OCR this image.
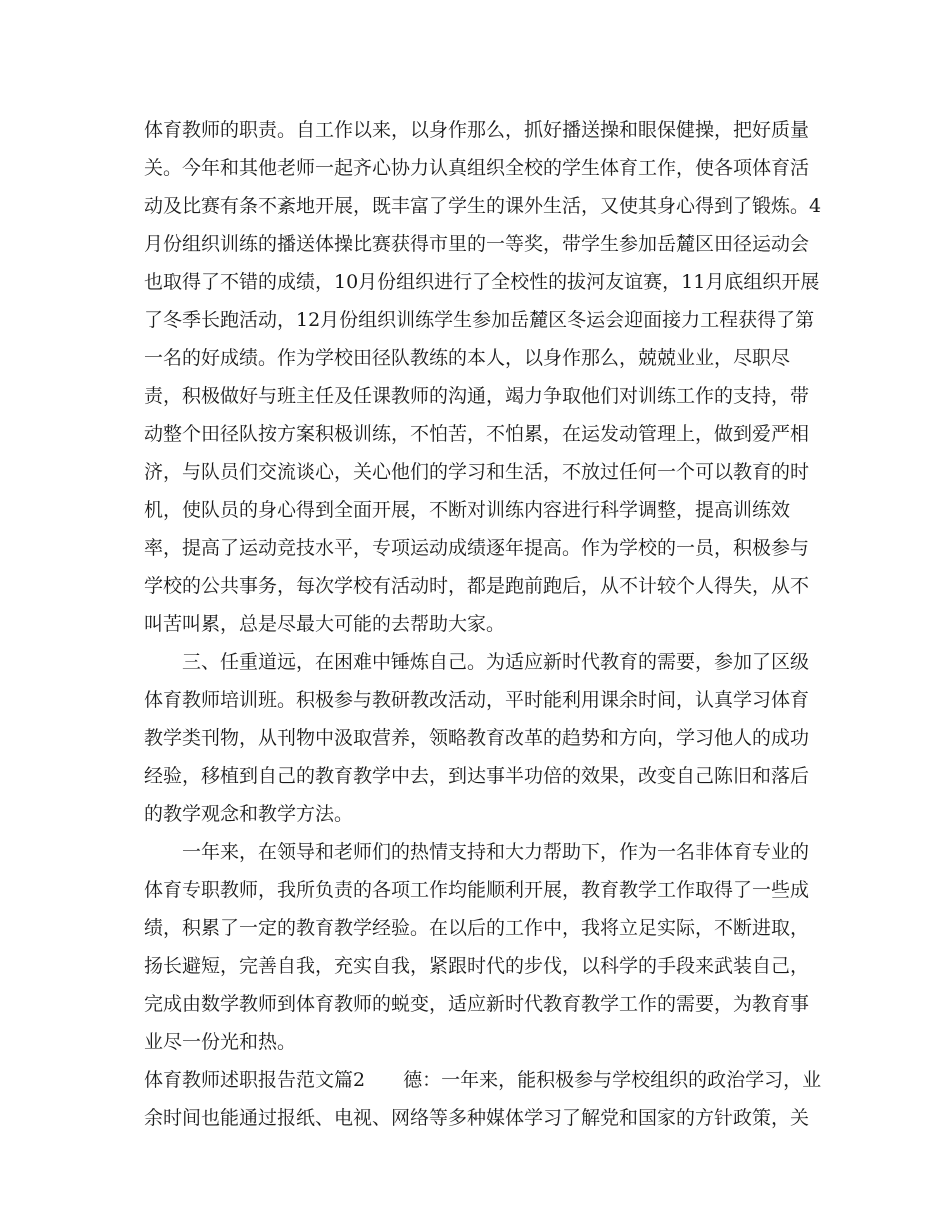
体育教师的职责。自工作以来，以身作那么，抓好播送操和眼保健操，把好质量
关。今年和其他老师一起齐心协力认真组织全校的学生体育工作，使各项体育活
动及比赛有条不紊地开展，既丰富了学生的课外生活，又使其身心得到了锻炼。4
月份组织训练的播送体操比赛获得市里的一等奖，带学生参加岳麓区田径运动会
也取得了不错的成绩，10月份组织进行了全校性的拔河友谊赛，11月底组织开展
了冬季长跑活动，12月份组织训练学生参加岳麓区冬运会迎面接力工程获得了第
一名的好成绩。作为学校田径队教练的本人，以身作那么，兢兢业业，尽职尽
责，积极做好与班主任及任课教师的沟通，竭力争取他们对训练工作的支持，带
动整个田径队按方案积极训练，不怕苦，不怕累，在运发动管理上，做到爱严相
济，与队员们交流谈心，关心他们的学习和生活，不放过任何一个可以教育的时
机，使队员的身心得到全面开展，不断对训练内容进行科学调整，提高训练效
率，提高了运动竞技水平，专项运动成绩逐年提高。作为学校的一员，积极参与
学校的公共事务，每次学校有活动时，都是跑前跑后，从不计较个人得失，从不
叫苦叫累，总是尽最大可能的去帮助大家。
三、任重道远，在困难中锤炼自己。为适应新时代教育的需要，参加了区级
体育教师培训班。积极参与教研教改活动，平时能利用课余时间，认真学习体育
教学类刊物，从刊物中汲取营养，领略教育改革的趋势和方向，学习他人的成功
经验，移植到自己的教育教学中去，到达事半功倍的效果，改变自己陈旧和落后
的教学观念和教学方法。
一年来，在领导和老师们的热情支持和大力帮助下，作为一名非体育专业的
体育专职教师，我所负责的各项工作均能顺利开展，教育教学工作取得了一些成
绩，积累了一定的教育教学经验。在以后的工作中，我将立足实际，不断进取，
扬长避短，完善自我，充实自我，紧跟时代的步伐，以科学的手段来武装自己，
完成由数学教师到体育教师的蜕变，适应新时代教育教学工作的需要，为教育事
业尽一份光和热。
体育教师述职报告范文篇2　　德：一年来，能积极参与学校组织的政治学习，业
余时间也能通过报纸、电视、网络等多种媒体学习了解党和国家的方针政策，关
